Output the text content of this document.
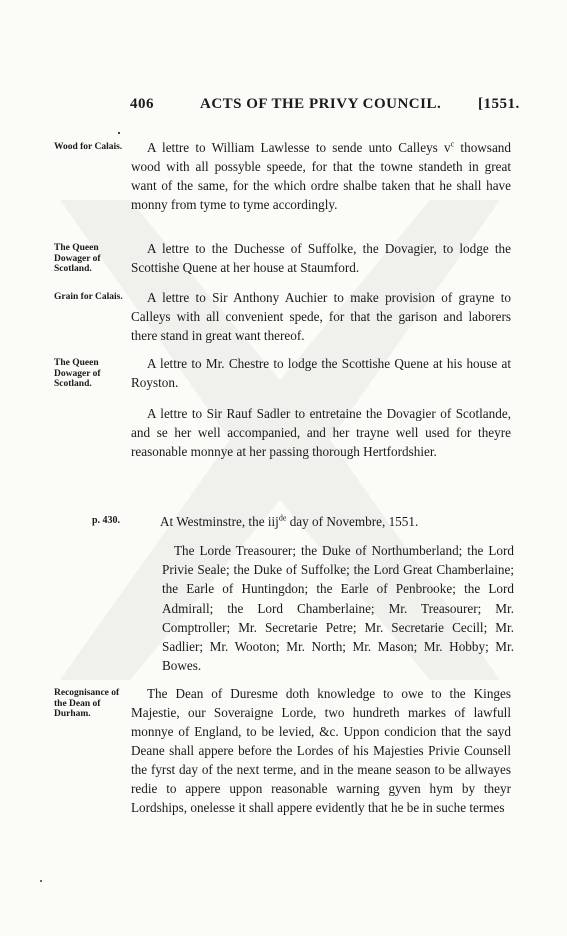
406	ACTS OF THE PRIVY COUNCIL. [1551.
Wood for Calais.	A lettre to William Lawlesse to sende unto Calleys $v^c$ thowsand wood with all possyble speede, for that the towne standeth in great want of the same, for the which ordre shalbe taken that he shall have monny from tyme to tyme accordingly.
The Queen Dowager of Scotland.
A lettre to the Duchesse of Suffolke, the Dovagier, to lodge the Scottishe Quene at her house at Staumford.
Grain for Calais.	A lettre to Sir Anthony Auchier to make provision of grayne to Calleys with all convenient spede, for that the garison and laborers there stand in great want thereof.
The Queen Dowager of Scotland.
A lettre to Mr. Chestre to lodge the Scottishe Quene at his house at Royston.
A lettre to Sir Rauf Sadler to entretaine the Dovagier of Scotlande, and se her well accompanied, and her trayne well used for theyre reasonable monnye at her passing thorough Hertfordshier.
p. 430.	At Westminstre, the iij$^{de}$ day of Novembre, 1551.
The Lorde Treasourer; the Duke of Northumberland; the Lord Privie Seale; the Duke of Suffolke; the Lord Great Chamberlaine; the Earle of Huntingdon; the Earle of Penbrooke; the Lord Admirall; the Lord Chamberlaine; Mr. Treasourer; Mr. Comptroller; Mr. Secretarie Petre; Mr. Secretarie Cecill; Mr. Sadlier; Mr. Wooton; Mr. North; Mr. Mason; Mr. Hobby; Mr. Bowes.
Recognisance of the Dean of Durham.
The Dean of Duresme doth knowledge to owe to the Kinges Majestie, our Soveraigne Lorde, two hundreth markes of lawfull monnye of England, to be levied, &c. Uppon condicion that the sayd Deane shall appere before the Lordes of his Majesties Privie Counsell the fyrst day of the next terme, and in the meane season to be allwayes redie to appere uppon reasonable warning gyven hym by theyr Lordships, onelesse it shall appere evidently that he be in suche termes
